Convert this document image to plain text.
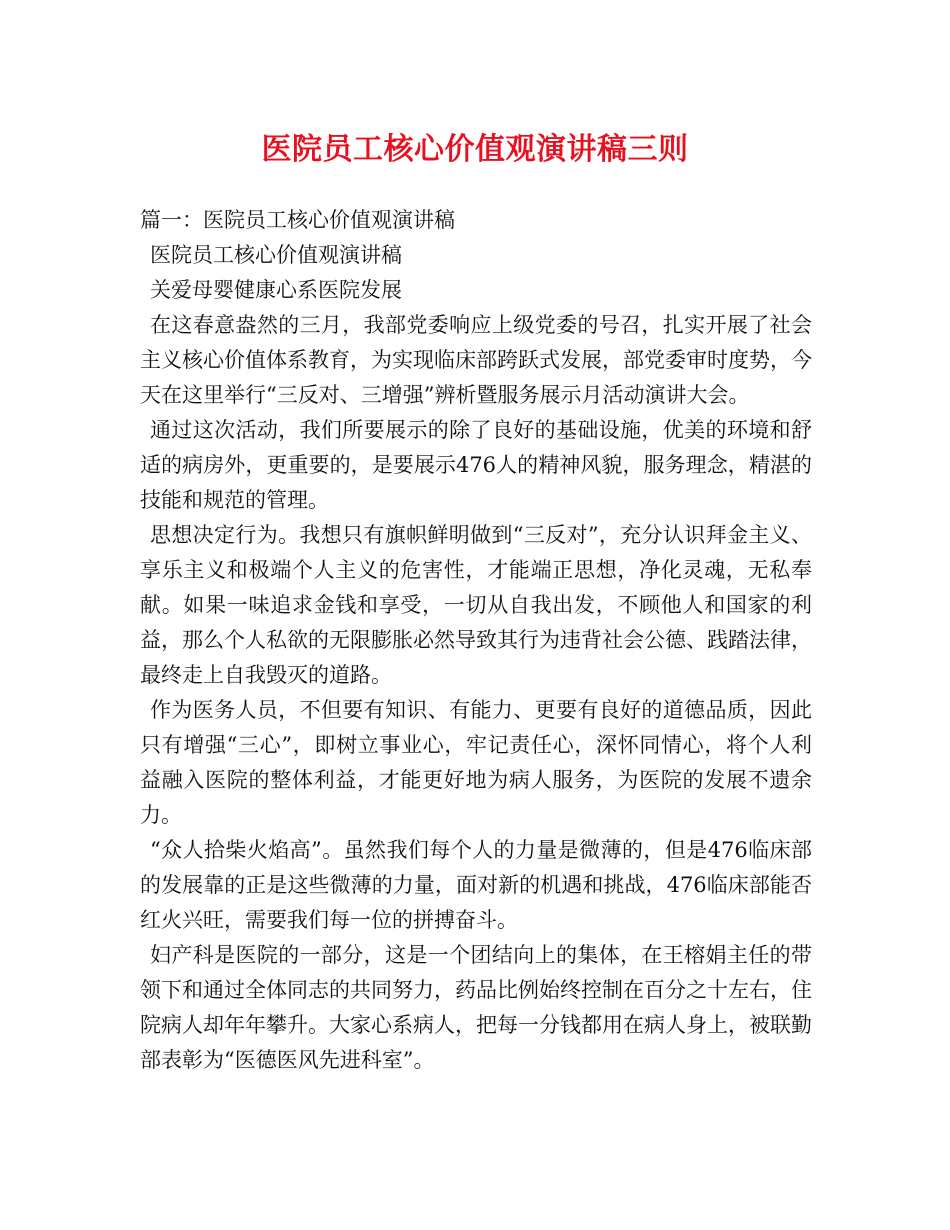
医院员工核心价值观演讲稿三则
篇一：医院员工核心价值观演讲稿
医院员工核心价值观演讲稿
关爱母婴健康心系医院发展
在这春意盎然的三月，我部党委响应上级党委的号召，扎实开展了社会主义核心价值体系教育，为实现临床部跨跃式发展，部党委审时度势，今天在这里举行“三反对、三增强”辨析暨服务展示月活动演讲大会。
通过这次活动，我们所要展示的除了良好的基础设施，优美的环境和舒适的病房外，更重要的，是要展示476人的精神风貌，服务理念，精湛的技能和规范的管理。
思想决定行为。我想只有旗帜鲜明做到“三反对”，充分认识拜金主义、享乐主义和极端个人主义的危害性，才能端正思想，净化灵魂，无私奉献。如果一味追求金钱和享受，一切从自我出发，不顾他人和国家的利益，那么个人私欲的无限膨胀必然导致其行为违背社会公德、践踏法律，最终走上自我毁灭的道路。
作为医务人员，不但要有知识、有能力、更要有良好的道德品质，因此只有增强“三心”，即树立事业心，牢记责任心，深怀同情心，将个人利益融入医院的整体利益，才能更好地为病人服务，为医院的发展不遗余力。
“众人拾柴火焰高”。虽然我们每个人的力量是微薄的，但是476临床部的发展靠的正是这些微薄的力量，面对新的机遇和挑战，476临床部能否红火兴旺，需要我们每一位的拼搏奋斗。
妇产科是医院的一部分，这是一个团结向上的集体，在王榕娟主任的带领下和通过全体同志的共同努力，药品比例始终控制在百分之十左右，住院病人却年年攀升。大家心系病人，把每一分钱都用在病人身上，被联勤部表彰为“医德医风先进科室”。
